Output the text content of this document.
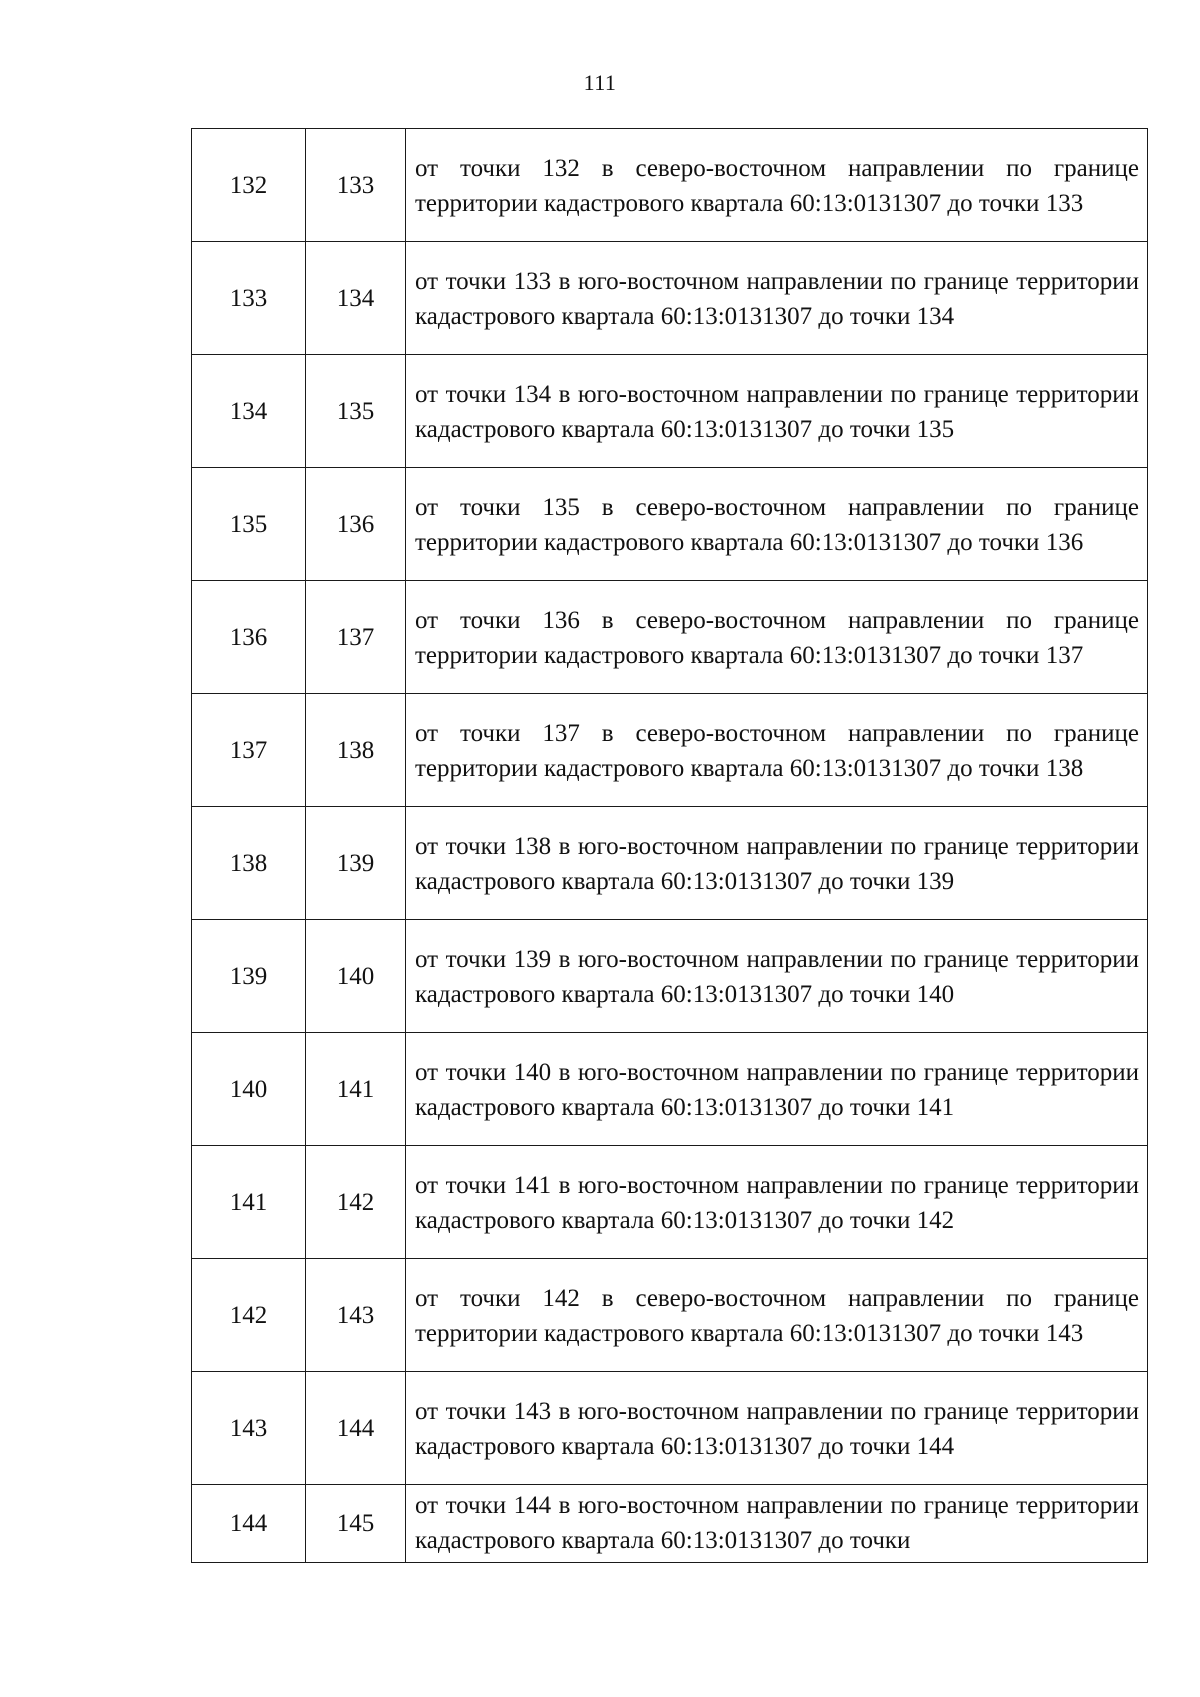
111
132	133	от точки 132 в северо-восточном направлении по границе территории кадастрового квартала 60:13:0131307 до точки 133
133	134	от точки 133 в юго-восточном направлении по границе территории кадастрового квартала 60:13:0131307 до точки 134
134	135	от точки 134 в юго-восточном направлении по границе территории кадастрового квартала 60:13:0131307 до точки 135
135	136	от точки 135 в северо-восточном направлении по границе территории кадастрового квартала 60:13:0131307 до точки 136
136	137	от точки 136 в северо-восточном направлении по границе территории кадастрового квартала 60:13:0131307 до точки 137
137	138	от точки 137 в северо-восточном направлении по границе территории кадастрового квартала 60:13:0131307 до точки 138
138	139	от точки 138 в юго-восточном направлении по границе территории кадастрового квартала 60:13:0131307 до точки 139
139	140	от точки 139 в юго-восточном направлении по границе территории кадастрового квартала 60:13:0131307 до точки 140
140	141	от точки 140 в юго-восточном направлении по границе территории кадастрового квартала 60:13:0131307 до точки 141
141	142	от точки 141 в юго-восточном направлении по границе территории кадастрового квартала 60:13:0131307 до точки 142
142	143	от точки 142 в северо-восточном направлении по границе территории кадастрового квартала 60:13:0131307 до точки 143
143	144	от точки 143 в юго-восточном направлении по границе территории кадастрового квартала 60:13:0131307 до точки 144
144	145	от точки 144 в юго-восточном направлении по границе территории кадастрового квартала 60:13:0131307 до точки
